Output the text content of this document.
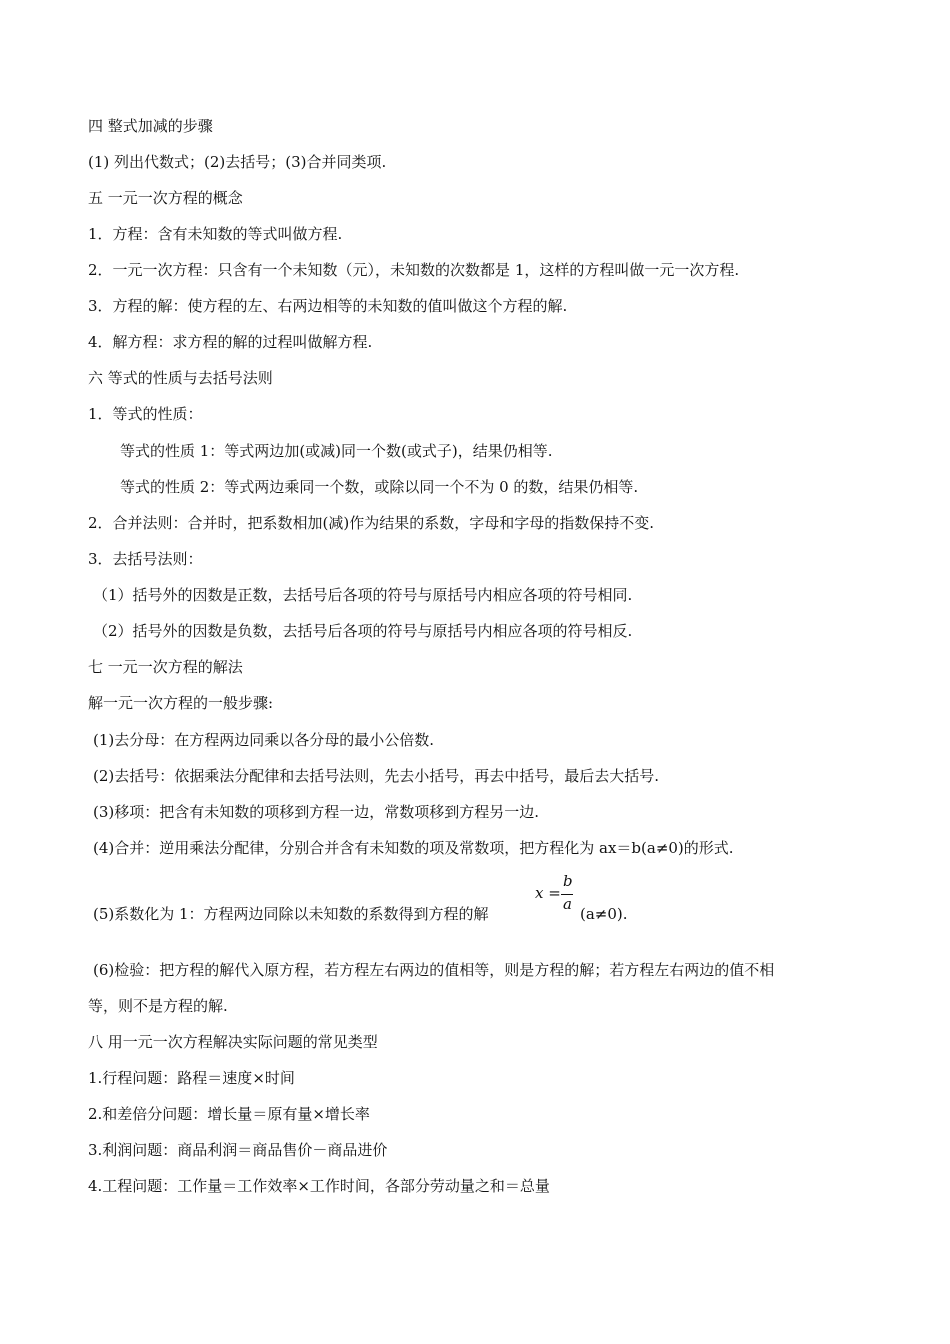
四 整式加减的步骤
(1) 列出代数式；(2)去括号；(3)合并同类项.
五 一元一次方程的概念
1．方程：含有未知数的等式叫做方程.
2．一元一次方程：只含有一个未知数（元），未知数的次数都是 1，这样的方程叫做一元一次方程.
3．方程的解：使方程的左、右两边相等的未知数的值叫做这个方程的解.
4．解方程：求方程的解的过程叫做解方程.
六 等式的性质与去括号法则
1．等式的性质：
等式的性质 1：等式两边加(或减)同一个数(或式子)，结果仍相等.
等式的性质 2：等式两边乘同一个数，或除以同一个不为 0 的数，结果仍相等.
2．合并法则：合并时，把系数相加(减)作为结果的系数，字母和字母的指数保持不变.
3．去括号法则：
（1）括号外的因数是正数，去括号后各项的符号与原括号内相应各项的符号相同.
（2）括号外的因数是负数，去括号后各项的符号与原括号内相应各项的符号相反.
七 一元一次方程的解法
解一元一次方程的一般步骤:
(1)去分母：在方程两边同乘以各分母的最小公倍数.
(2)去括号：依据乘法分配律和去括号法则，先去小括号，再去中括号，最后去大括号.
(3)移项：把含有未知数的项移到方程一边，常数项移到方程另一边.
(4)合并：逆用乘法分配律，分别合并含有未知数的项及常数项，把方程化为 ax＝b(a≠0)的形式.
(5)系数化为 1：方程两边同除以未知数的系数得到方程的解
x =
b
a
(a≠0).
(6)检验：把方程的解代入原方程，若方程左右两边的值相等，则是方程的解；若方程左右两边的值不相
等，则不是方程的解.
八 用一元一次方程解决实际问题的常见类型
1.行程问题：路程＝速度×时间
2.和差倍分问题：增长量＝原有量×增长率
3.利润问题：商品利润＝商品售价－商品进价
4.工程问题：工作量＝工作效率×工作时间，各部分劳动量之和＝总量
